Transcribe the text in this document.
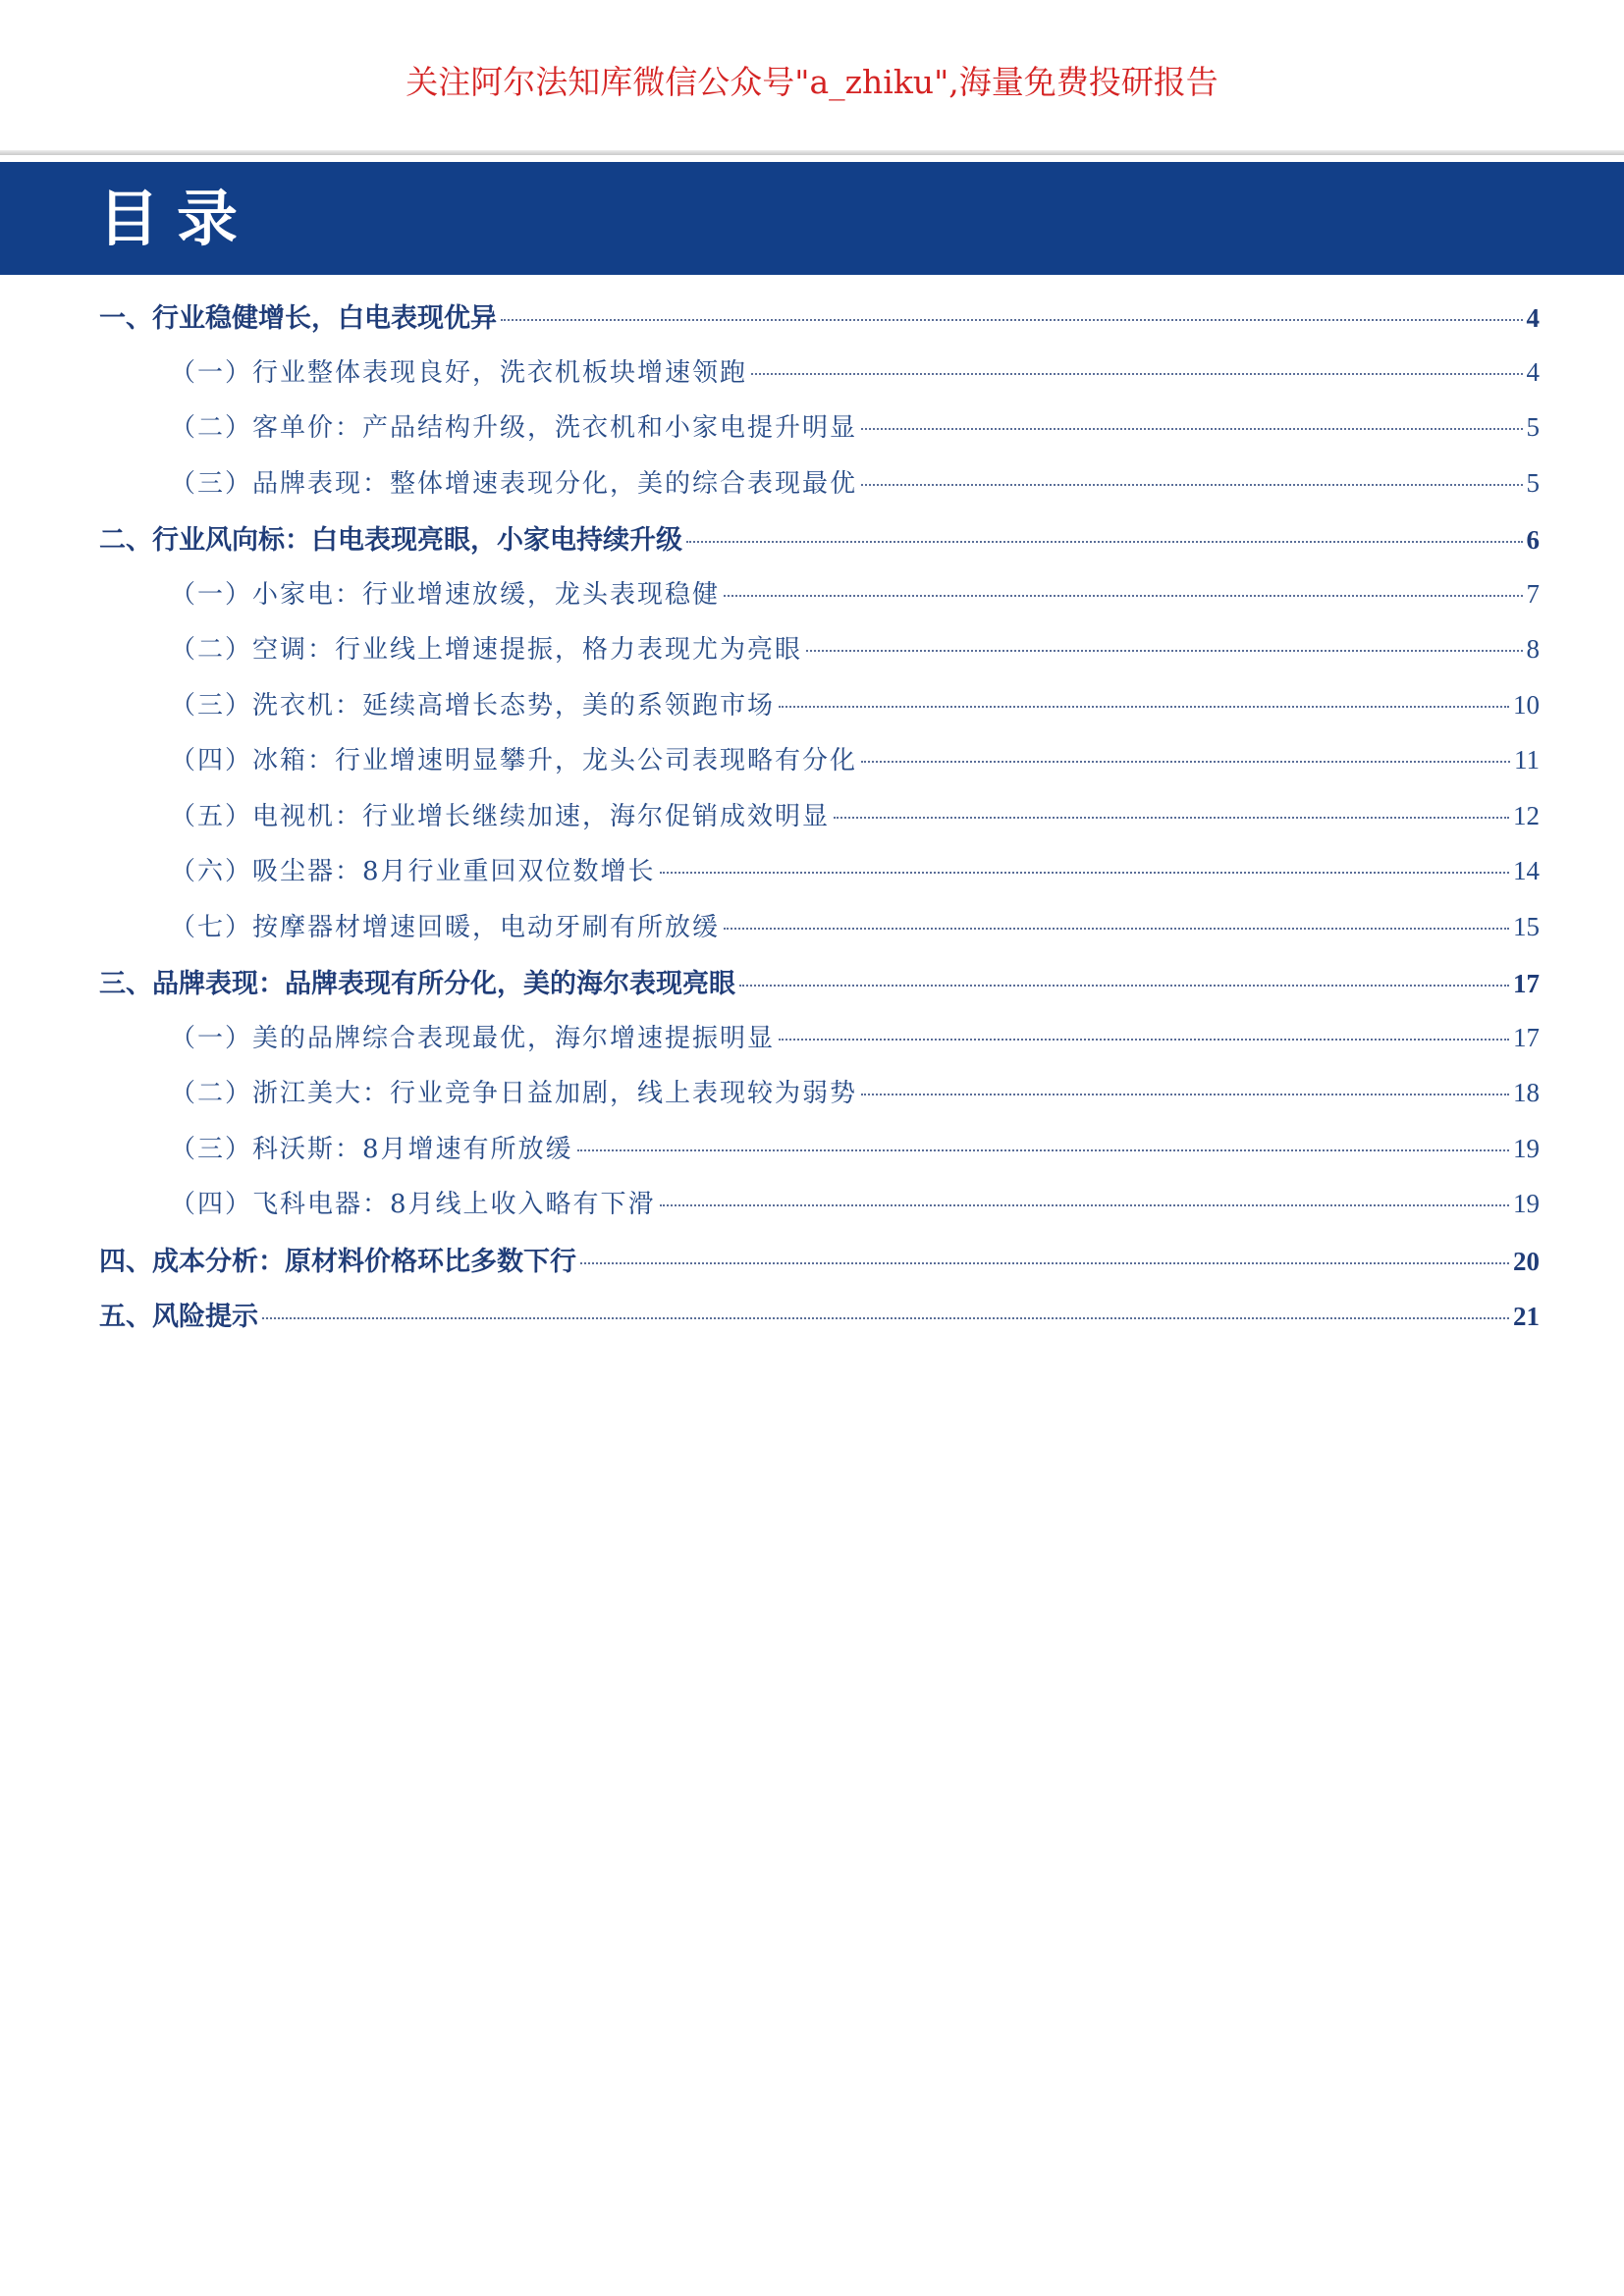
关注阿尔法知库微信公众号"a_zhiku",海量免费投研报告
目录
一、行业稳健增长，白电表现优异	4
（一）行业整体表现良好，洗衣机板块增速领跑	4
（二）客单价：产品结构升级，洗衣机和小家电提升明显	5
（三）品牌表现：整体增速表现分化，美的综合表现最优	5
二、行业风向标：白电表现亮眼，小家电持续升级	6
（一）小家电：行业增速放缓，龙头表现稳健	7
（二）空调：行业线上增速提振，格力表现尤为亮眼	8
（三）洗衣机：延续高增长态势，美的系领跑市场	10
（四）冰箱：行业增速明显攀升，龙头公司表现略有分化	11
（五）电视机：行业增长继续加速，海尔促销成效明显	12
（六）吸尘器：8月行业重回双位数增长	14
（七）按摩器材增速回暖，电动牙刷有所放缓	15
三、品牌表现：品牌表现有所分化，美的海尔表现亮眼	17
（一）美的品牌综合表现最优，海尔增速提振明显	17
（二）浙江美大：行业竞争日益加剧，线上表现较为弱势	18
（三）科沃斯：8月增速有所放缓	19
（四）飞科电器：8月线上收入略有下滑	19
四、成本分析：原材料价格环比多数下行	20
五、风险提示	21
